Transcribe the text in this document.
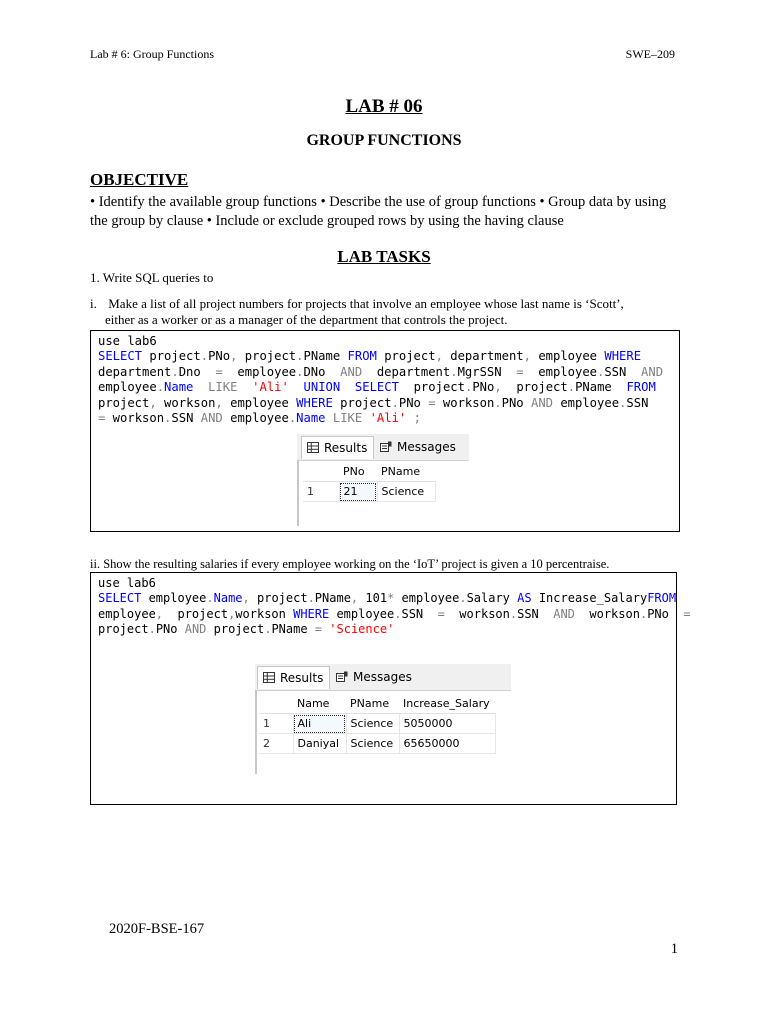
Lab # 6: Group Functions	SWE–209
LAB # 06
GROUP FUNCTIONS
OBJECTIVE
• Identify the available group functions • Describe the use of group functions • Group data by using the group by clause • Include or exclude grouped rows by using the having clause
LAB TASKS
1. Write SQL queries to
i. Make a list of all project numbers for projects that involve an employee whose last name is ‘Scott’,
either as a worker or as a manager of the department that controls the project.
use lab6
SELECT project.PNo, project.PName FROM project, department, employee WHERE
department.Dno  =  employee.DNo  AND  department.MgrSSN  =  employee.SSN  AND
employee.Name LIKE 'Ali' UNION SELECT  project.PNo,  project.PName  FROM
project, workson, employee WHERE project.PNo = workson.PNo AND employee.SSN
= workson.SSN AND employee.Name LIKE 'Ali' ;
Results	Messages
	PNo	PName
1	21	Science
ii. Show the resulting salaries if every employee working on the ‘IoT’ project is given a 10 percentraise.
use lab6
SELECT employee.Name, project.PName, 101* employee.Salary AS Increase_SalaryFROM
employee,  project,workson WHERE employee.SSN  =  workson.SSN  AND  workson.PNo  =
project.PNo AND project.PName = 'Science'
Results	Messages
	Name	PName	Increase_Salary
1	Ali	Science	5050000
2	Daniyal	Science	65650000
2020F-BSE-167
1
